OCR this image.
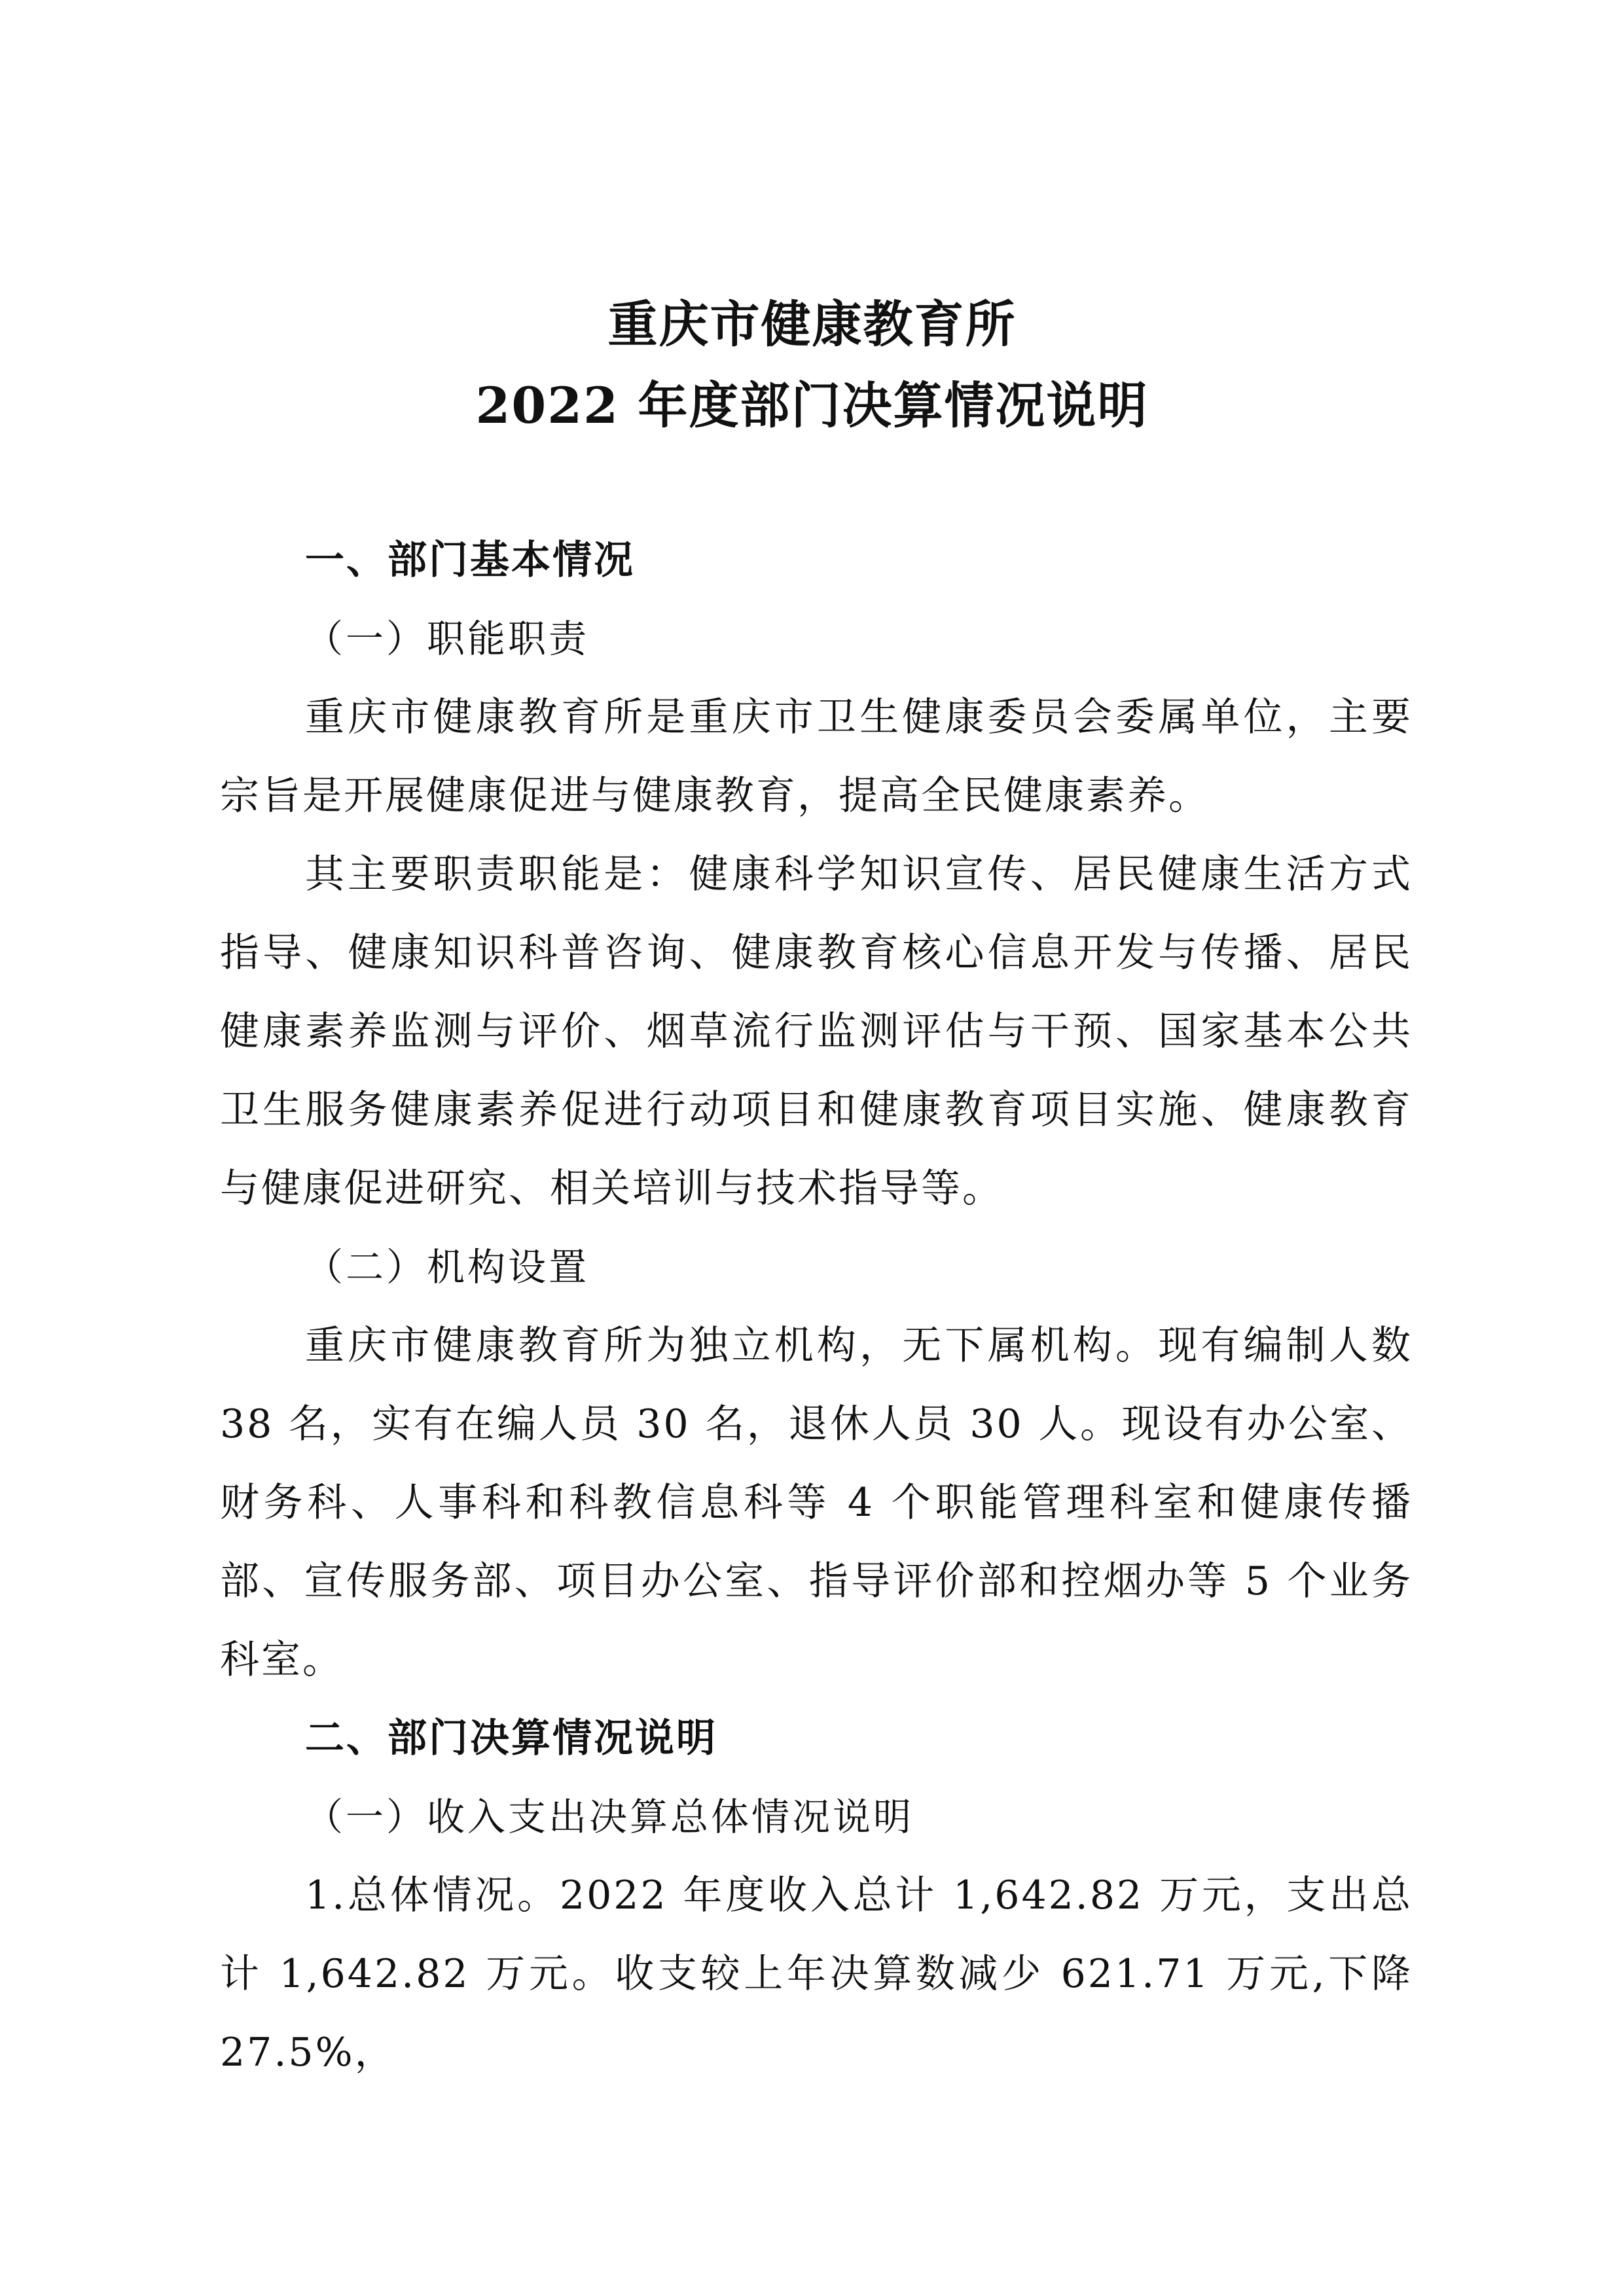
重庆市健康教育所
2022 年度部门决算情况说明

一、部门基本情况

（一）职能职责

重庆市健康教育所是重庆市卫生健康委员会委属单位，主要宗旨是开展健康促进与健康教育，提高全民健康素养。

其主要职责职能是：健康科学知识宣传、居民健康生活方式指导、健康知识科普咨询、健康教育核心信息开发与传播、居民健康素养监测与评价、烟草流行监测评估与干预、国家基本公共卫生服务健康素养促进行动项目和健康教育项目实施、健康教育与健康促进研究、相关培训与技术指导等。

（二）机构设置

重庆市健康教育所为独立机构，无下属机构。现有编制人数 38 名，实有在编人员 30 名，退休人员 30 人。现设有办公室、财务科、人事科和科教信息科等 4 个职能管理科室和健康传播部、宣传服务部、项目办公室、指导评价部和控烟办等 5 个业务科室。

二、部门决算情况说明

（一）收入支出决算总体情况说明

1.总体情况。2022 年度收入总计 1,642.82 万元，支出总计 1,642.82 万元。收支较上年决算数减少 621.71 万元,下降 27.5%，
